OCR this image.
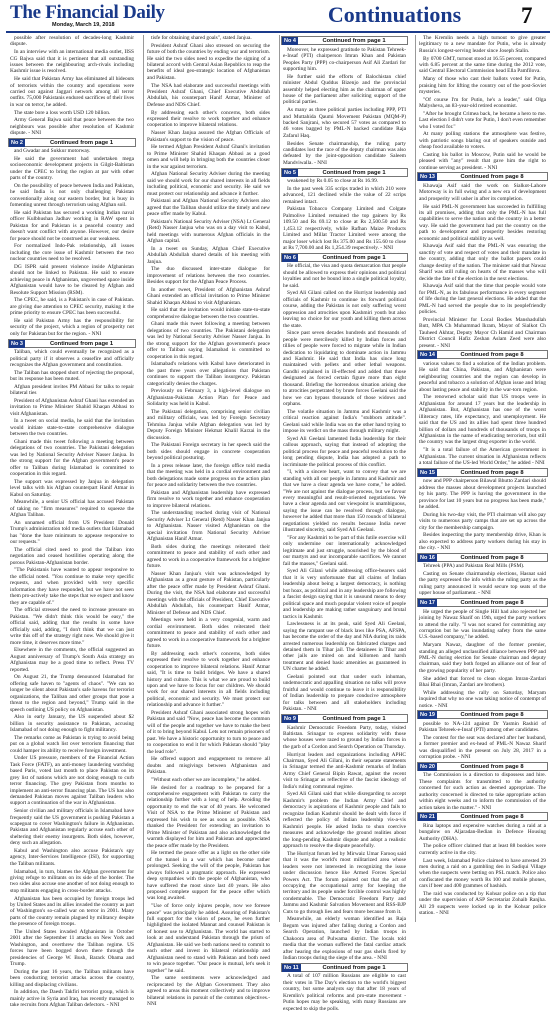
The Financial Daily
Monday, March 19, 2018	Continuations	7

possible after resolution of decades-long Kashmir dispute.

In an interview with an international media outlet, IISS CG Bajwa said that it is pertinent that all outstanding issues between the neighbouring arch-rivals including Kashmir issue is resolved.

He said that Pakistan Army has eliminated all hideouts of terrorists within the country and operations were carried out against Jaggari network among all terror outfits. 75,000 Pakistanis endured sacrifices of their lives in war on terror, he added.

The state bore a loss worth USD 120 billion.

Army General Bajwa said that peace between the two neighbours was possible after resolution of Kashmir dispute. - NNI

No 2	Continued from page 1

and Gwadar and Sukkur motorway.

He said the government had undertaken mega socioeconomic development projects in Gilgit-Baltistan under the CPEC to bring the region at par with other parts of the country.

On the possibility of peace between India and Pakistan, he said India is not only challenging Pakistan conventionally along our eastern border, but is busy in fomenting unrest through terrorism using Afghan soil.

He said Pakistan has secured a working Indian naval officer Kulbhushan Jadhav working in RAW spent in Pakistan for and Pakistan is a peaceful country and doesn't want conflict with anyone. However, our desire for peace should not be construed as our weakness.

For normalized Indo-Pak relationship, all issues including the core issue of Kashmir between the two nuclear countries need to be resolved.

DG ISPR said present violence inside Afghanistan should not be linked to Pakistan. He said to ensure achieving peace in Afghanistan, ungoverned space inside Afghanistan would have to be cleared by Afghan and Resolute Support Mission (RSM).

The CPEC, he said, is a Pakistan's in case of Pakistan. are giving due attention to CPEC security, making it the prime priority to ensure CPEC has been successful.

He said Pakistan Army has the responsibility for security of the project, which a region of prosperity not only for Pakistan but for the region. - NNI

No 3	Continued from page 1

Taliban, which could eventually be recognized as a political party if it observes a ceasefire and officially recognizes the Afghan government and constitution.

The Taliban has stopped short of rejecting the proposal, but its response has been muted.

Afghan president invites PM Abbasi for talks to repair bilateral ties

President of Afghanistan Ashraf Ghani has extended an invitation to Prime Minister Shahid Khaqan Abbasi to visit Afghanistan.

In a tweet on social media, he said that the invitation would initiate state-to-state comprehensive dialogue between the two countries.

Ghani made this tweet following a meeting between delegations of two countries. The Pakistani delegation was led by National Security Adviser Nasser Janjua. In the strong support for the Afghan government's peace offer to Taliban during Islamabad is committed to cooperation in this regard.

The support was expressed by Janjua in delegation level talks with his Afghan counterpart Hanif Atmar in Kabul on Saturday.

Meanwhile, a senior US official has accused Pakistan of taking no "firm measures" required to squeeze the Afghan Taliban.

An unnamed official from US President Donald Trump's administration told media outlets that Islamabad has "done the bare minimum to appease responsive to our requests."

The official cited need to prod the Taliban into negotiation and ceased hostilities operating along the porous Pakistan-Afghanistan border.

"The Pakistanis have wanted to appear responsive to the official noted. "You continue to make very specific requests, and when provided with very specific information they have responded, but we have not seen them pro-actively take the steps that we expect and know they are capable of."

The official stressed the need to increase pressure on Pakistan. "We didn't think this would be easy," the official said, adding that the results in some have officially said, adding, "I don't think that we can just write this off of the strategy right now. We should give it more time, it deserves more time."

Elsewhere in the comments, the official suggested an August anniversary of Trump's South Asia strategy on Afghanistan may be a good time to reflect. Press TV reported.

On August 21, the Trump denounced Islamabad for offering safe haven to "agents of chaos". "We can no longer be silent about Pakistan's safe havens for terrorist organizations, the Taliban and other groups that pose a threat to the region and beyond," Trump said in the speech outlining US policy on Afghanistan.

Also in early January, the US suspended about $2 billion in security assistance to Pakistan, accusing Islamabad of not doing enough to fight militancy.

The remarks come as Pakistan is trying to avoid being put on a global watch list over terrorism financing that could hamper its ability to receive foreign investment.

Under US pressure, members of the Financial Action Task Force (FATF), an anti-money laundering watchdog based Paris, voted last month to place Pakistan on its grey list of nations which are not doing enough to curb terror financing. The grey Pakistan from months to implement an anti-terror financing plan. The US has also demanded Pakistan moves against Taliban leaders who support a continuation of the war in Afghanistan.

Senior civilian and military officials in Islamabad have frequently said the US government is pushing Pakistan a scapegoat to cover Washington's failure in Afghanistan. Pakistan and Afghanistan regularly accuse each other of sheltering their enemy insurgents. Both sides, however, deny such an allegation.

Kabul and Washington also accuse Pakistan's spy agency, Inter-Services Intelligence (ISI), for supporting the Taliban militants.

Islamabad, in turn, blames the Afghan government for giving refuge to militants on its side of the border. The two sides also accuse one another of not doing enough to stop militants engaging in cross-border attacks.

Afghanistan has been occupied by foreign troops led by United States and its allies invaded the country as part of Washington's so-called war on terror in 2001. Many parts of the country remain plagued by militancy despite the presence of foreign troops.

The United States invaded Afghanistan in October 2001 after the September 11 attacks on New York and Washington, and overthrew the Taliban regime. US forces have been bogged down there through the presidencies of George W. Bush, Barack Obama and Trump.

During the past 16 years, the Taliban militants have been conducting terrorist attacks across the country, killing and displacing civilians.

In addition, the Daesh Takfiri terrorist group, which is mainly active in Syria and Iraq, has recently managed to take recruits from Afghan Taliban defectors. - NNI

tisfe for obtaining shared goals", stated Janjua.

President Ashraf Ghani also stressed on securing the future of both the countries by ending war and terrorism. He said the two sides need to expedite the signing of a bilateral accord with Central Asian Republics to reap the benefits of ideal geo-strategic location of Afghanistan and Pakistan.

The NSA had elaborate and successful meetings with President Ashraf Ghani, Chief Executive Abdullah Abdullah, his counterpart Hanif Atmar, Minister of Defense and NDS Chief.

By addressing each other's concerns, both sides expressed their resolve to work together and enhance cooperation to improve bilateral relations.

Nasser Khan Janjua assured the Afghan Officials of Pakistan's support to the vision of peace.

He termed Afghan President Ashraf Ghani's invitation to Prime Minister Shahid Khaqan Abbasi as a good omen and will help in bringing both the countries closer in the war against terrorism.

Afghan National Security Adviser during the meeting said we should work for our shared interests in all fields including political, economic and security. He said we must protect our relationship and advance it further.

Pakistani and Afghan National Security Advisers also agreed that the Taliban should utilize the timely and new peace offer made by Kabul.

Pakistan's National Security Adviser (NSA) Lt General (Retd) Nasser Janjua who was on a day visit to Kabul, held meetings with numerous Afghan officials in the Afghan capital.

In a tweet on Sunday, Afghan Chief Executive Abdullah Abdullah shared details of his meeting with Janjua.

The duo discussed inter-state dialogue for improvement of relations between the two countries. Besides support for the Afghan Peace Process.

In another tweet, President of Afghanistan Ashraf Ghani extended an official invitation to Prime Minister Shahid Khaqan Abbasi to visit Afghanistan.

He said that the invitation would initiate state-to-state comprehensive dialogue between the two countries.

Ghani made this tweet following a meeting between delegations of two countries. The Pakistani delegation was led by National Security Adviser Nasser Janjua. In the strong support for the Afghan government's peace offer to Taliban saying Islamabad is committed to cooperation in this regard.

Islamabad's relations with Kabul have deteriorated in the past three years over allegations that Pakistan continues to support the Taliban insurgency. Pakistan categorically denies the charges.

Previously on February 3, a high-level dialogue on Afghanistan-Pakistan Action Plan for Peace and Solidarity was held in Kabul.

The Pakistani delegation, comprising senior civilian and military officials, was led by Foreign Secretary Tehmina Janjua while Afghan delegation was led by Deputy Foreign Minister Hekmat Khalil Karzai in the discussion.

The Pakistani Foreign secretary in her speech said the both sides should engage in concrete cooperation beyond political posturing.

In a press release later, the foreign office told media that the meeting was held in a cordial environment and both delegations made some progress on the action plan for peace and solidarity between the two countries.

Pakistan and Afghanistan leadership have expressed firm resolve to work together and enhance cooperation to improve bilateral relations.

The understanding reached during visit of National Security Adviser Lt General (Retd) Nasser Khan Janjua to Afghanistan. Nasser visited Afghanistan on the special invitation from National Security Adviser Afghanistan Hanif Atmar.

Both sides during the meetings reiterated their commitment to peace and stability of each other and agreed to work in a cooperative framework for a brighter future.

Nasser Khan Janjua's visit was acknowledged by Afghanistan as a great gesture of Pakistan, particularly after the peace offer made by President Ashraf Ghani. During the visit, the NSA had elaborate and successful meetings with the officials of President, Chief Executive Abdullah Abdullah, his counterpart Hanif Atmar, Minister of Defense and NDS Chief.

Meetings were held in a very congenial, warm and cordial environment. Both sides reiterated their commitment to peace and stability of each other and agreed to work in a cooperative framework for a brighter future.

By addressing each other's concerns, both sides expressed their resolve to work together and enhance cooperation to improve bilateral relations. Hanif Atmar said, "It is time to build bridges. We have a shared history and culture. This is what we are proud to build upon and we have to focus for our children. We should work for our shared interests in all fields including political, economic and security. We must protect our relationship and advance it further."

President Ashraf Ghani associated strong hopes with Pakistan and said "Now, peace has become the common will of the people and together we have to make the best of it to bring beyond Kabul. Lets not remain prisoners of past. We have a historic opportunity to turn to peace and to cooperation to end it for which Pakistan should "play the lead role".

He offered support and engagement to remove all doubts and misgivings between Afghanistan and Pakistan.

"Without each other we are incomplete," he added.

He desired for a roadmap to be prepared for a comprehensive engagement with Pakistan to carry the relationship further with a long of help. Avoiding the opportunity to end the war of 40 years. He welcomed Visit of NSA to the Prime Minister of Pakistan and expressed his wish to see as soon as possible. NSA thanked the President for extending an invitation to Prime Minister of Pakistan and also acknowledged the warmth displayed for him and Pakistan and appreciated the peace offer made by the President.

He termed the peace offer as a light on the other side of the tunnel in a war which has become rather prolonged. Seeking the will of the people, Pakistan has always followed a pragmatic approach. He expressed deep sympathies with the people of Afghanistan, who have suffered the most since last 40 years. He also proposed complete support for the peace offer which was long awaited.

"Use of force only injures people, now we foresee peace" was principally he added. Assuring of Pakistan's full support for the vision of peace, he even further highlighted the isolated Mannat and counsel Pakistan is of honest use to Afghanistan. The world has started to look at and understand Pakistan through the prism of Afghanistan. He said we both nations need to commit to each other and invest in bilateral relationship and Afghanistan need to stand with Pakistan and both need to win peace together. "Our peace is mutual, let's seek it together" he said.

The same sentiments were acknowledged and reciprocated by the Afghan Government. They also agreed to areas this moment collectively and to improve bilateral relations in pursuit of the common objectives.- NNI

No 4	Continued from page 1

Moreover, he expressed gratitude to Pakistan Tehreek-e-Insaf (PTI) chairperson Imran Khan and Pakistan Peoples Party (PPP) co-chairperson Asif Ali Zardari for supporting him.

He further said the efforts of Balochistan chief minister Abdul Quddus Bizenjo and the provincial assembly helped electing him as the chairman of upper house of the parliament after soliciting support of the political parties.

As many as three political parties including PPP, PTI and Muttahida Qaumi Movement Pakistan (MQM-P) backed Sanjrani, who secured 57 votes as compared to 46 votes bagged by PML-N backed candidate Raja Zafarul Haq.

Besides Senate chairmanship, the ruling party candidates lost the race of the deputy chairman was also defeated by the joint-opposition candidate Saleem Mandviwalla. - NNI

No 5	Continued from page 1

weakened by Rs 0.05 to close at Rs 16.99.

In the past week 335 scrips traded in which 210 were advanced, 121 declined while the value of 22 scrips remained intact.

Pakistan Tobacco Company Limited and Colgate Palmolive Limited remained the top gainers by Rs 109.50 and Rs 69.12 to close at Rs 2,500.50 and Rs 1,453.12 respectively, while Rafhan Maize Products Limited and Millat Tractor Limited were among the major loser which lost Rs 375.00 and Rs 155.60 to close at Rs 7,700.00 and Rs 1,254.39 respectively. - NNI

No 6	Continued from page 1

He official, the visa and quota demarcation that people should be allowed to express their opinions and political loyalties and not be bound into a single political loyalty, he said.

Syed Ali Gilani called on the Hurriyat leadership and officials of Kashmir to continue its forward political course, adding the Pakistan is not only suffering worst oppression and atrocities upon Kashmiri youth but also leaving no choice for our youth and killing them across the state.

Since past seven decades hundreds and thousands of people were mercilessly killed by Indian forces and tillies of people were forced to migrate while in Indian dedication to liquidating to dominate action in Jammu and Kashmir. He said that India has since long maintained with pellets and other lethal weapons. Gandhi explained in ill-effected and added that those designated as forced certain figure more than eight thousand. Briefing the horrendous situation arising due to atrocities perpetrated by brute forces Geelani said the how we can bypass thousands of those widows and orphans.

The volatile situation in Jammu and Kashmir was a critical reaction against India's "stubborn attitude". Geelani said while India was on the other hand trying to impose its verdict on the mass through military might.

Syed Ali Geelani lamented India leadership for their callous approach, saying that instead of adopting the political process for peace and peaceful resolution to the long pending dispute, India has adopted a path to incriminate the political process of this conflict.

"I, with a sincere heart, want to convey that we are standing with all our people in Jammu and Kashmir and that we have a clear agenda we have come," he added. "We are not against the dialogue process, but we favour every meaningful and result-oriented negotiations. We have a clear agenda and our viewpoint is unambiguous, saying the issue can be resolved through dialogue, however he added that more than 150 rounds of bilateral negotiations yielded no results because India never illustrated sincerity, said Syed Ali Geelani.

"For any Kashmiri to be part of this futile exercise will only undermine our internationally acknowledged legitimate and just struggle, nourished by the blood of our martyrs and our incomparable sacrifices. We cannot fail the masses," Geelani said.

Syed Ali Gilani while addressing office-bearers said that it is very unfortunate that all claims of Indian leadership about being a largest democracy, is nothing but hoax, as political and in any leadership are following a fascist design saying that it is unsound means to deny political space and much popular violent voice of people and leadership are making rather sanguinary and brutal tactics in Kashmir.

Lawlessness is at its peak, said Syed Ali Geelani, saying the rampant use of black laws like PSA, AFSPA, has become the order of the day and NIA during its raids arrested numerous leadership on fabricated charges and detained them in Tihar jail. The detainees in Tihar and other jails are mired on and killomen and harsh treatment and denied basic amenities as guaranteed in UN charter he added.

Geelani pointed out that under such inhuman, undemocratic and appalling situation no talks will prove fruitful and would continue to leave it is responsibility of Indian leadership to prepare conducive atmosphere for talks between and all stakeholders including Pakistan. - NNI

No 9	Continued from page 1

Kashmir Democratic Freedom Party, today, visited Baltistan. Srinagar to express solidarity with those whose houses were razed to ground by Indian forces in the garb of a Cordon and Search Operation on Thursday.

Hurriyat leaders and organizations including APHC Chairman, Syed Ali Gilani, in their separate statements in Srinagar termed the anti-Kashmir remarks of Indian Army Chief General Bipin Rawat, against the recent visit to Srinagar as reflective of the fascist ideology of India's ruling communal regime.

Syed Ali Gilani said that while disregarding to accept Kashmir's problem the Indian Army Chief and democracy is aspirations of Kashmir people and fails to recognize Indian Kashmir should be dealt with force if reflected the policy of Indian leadership vis-a-vis Kashmiri people. He asked India to shun coercive measures and acknowledge the ground realities about the long-pending Kashmir dispute and adopt a realistic approach to resolve the dispute peacefully.

The Hurriyat forum led by Mirwaiz Umar Farooq said that it was the world's most militarized area whose leaders were not interested in recognizing the issue under discussion hence like Armed Forces Special Powers Act. The forum pointed out that the act of occupying the occupational army for keeping the territory and its people under forcible control was highly condemnable. The Democratic Freedom Party and Jammu and Kashmir Salvation Movement and RSS-BJP Cuts to go through lies and fears more because from it.

Meanwhile, an elderly woman identified as Raja Begum was injured after falling during a Cordon and Search Operation, launched by Indian troops in Chakoora area of Pulwama district. The locals told media that the woman suffered the fatal cardiac attack after hearing the explosions of tear gas shells fired by Indian troops during the siege of the area. - NNI

No 11	Continued from page 1

A total of 107 million Russians are eligible to cast their votes in The Day's election to the world's biggest country, but some analysts say that after 18 years of Kremlin's political reforms and pro-state movement - Putin hopes may be speaking, with many Russians are expected to skip the polls.

The Kremlin needs a high turnout to give greater legitimacy to a new mandate for Putin, who is already Russia's longest-serving leader since Joseph Stalin.

By 0700 GMT, turnout stood at 16.55 percent, compared with 6.85 percent at the same time during the 2012 vote, said Central Electoral Commission head Ella Pamfilova.

Many of those who cast their ballots voted for Putin, praising him for lifting the country out of the post-Soviet mysteries.

"Of course I'm for Putin, he's a leader," said Olga Malysheva, an 83-year-old retired economist.

"After he brought Crimea back, he became a hero to me. Last election I didn't vote for Putin, I don't even remember who I voted for."

At many polling stations the atmosphere was festive, with patriotic songs blaring out of speakers outside and cheap food available to voters.

Casting his ballot in Moscow, Putin said he would be pleased with "any" result that gave him the right to continue serving as president. - NNI

No 13	Continued from page 8

Khawaja Asif said the work on Sialkot-Lahore Motorway is in full swing and a new era of development and prosperity will usher in after its completion.

He said PML-N government has succeeded in fulfilling its all promises, adding that only the PML-N has full capabilities to serve the nation and the country in a better way. He said the government had put the country on the path to development and prosperity besides restoring economic and political stability as well.

Khawaja Asif said that the PML-N was ensuring the sanctity of vote and respect of votes and their mandate in the country, adding that only the ballot papers could change destiny of the nation. The minister said that Nawaz Sharif was still ruling on hearts of the masses who will decide the fate of the election in the next elections.

Khawaja Asif said that the time that people would vote for PML-N, as its fabulous performance in every segment of life during the last general elections. He added that the PML-N had served the people due to its peoplefriendly policies.

Provincial Minister for Local Bodies Manshadullah Butt, MPA Ch Muhammad Ikram, Mayor of Sialkot Ch Tauheed Akhtar, Deputy Mayor Ch Hamid and Chairman District Council Hafiz Zeshan Aslam Zeed were also present. - NNI

No 14	Continued from page 8

various values to find a solution of the Indian problem. He said that China, Pakistan, and Afghanistan were neighbouring countries and the region can develop in peaceful and tobacco a solution of Afghan issue and bring about lasting peace and stability in the war-torn region.

The renowned scholar said that US troops were in Afghanistan for around 17 years but the leadership in Afghanistan. But, Afghanistan has one of the worst illiteracy rates, life expectancy, and unemployment. He said that the US and its allies had spent three hundred billion of dollars and hundreds of thousands of troops in Afghanistan in the name of eradicating terrorism, but still the country was the largest drug exporter in the world.

"It is a total failure of the American government in Afghanistan. The current situation in Afghanistan reflects a total failure of the US-led World Order," he added - NNI

No 15	Continued from page 8

now and PPP chairperson Bilawal Bhutto Zardari should address the masses about development projects launched by his party. The PPP is having the government in the province for last 10 years but no progress has been made," he added.

During his two-day visit, the PTI chairman will also pay visits to numerous party camps that are set up across the city for the membership campaign.

Besides inspecting the party membership drive, Khan is also expected to address party workers during his stay in the city. - NNI

No 16	Continued from page 8

Tehreek (PPA) and Pakistan Real Mills (PSM).

Casting on Senate chairmanship elections, Hasnat said the party expressed the info within the ruling party as the ruling party announced it would secure top seats of the upper house of parliament. - NNI

No 17	Continued from page 8

He urged the people of Single Hill had also rejected her joining by Nawaz Sharif on 19th, urged the party workers to attend the rally. "I was not scared for committing any corruption but he was inundating safety from the same U.S.-based company," he added.

Maryam Nawaz, daughter of the former premier, standing an alleged unclassified alliance between PPP and PML-N during election for Senate chairman and deputy chairman, said they both forged an alliance out of fear of the growing popularity of her party.

She added that forced to clean slogan Imran-Zardari Bhai Bhai (Imran, Zardari are brothers).

While addressing the rally on Saturday, Maryam inquired that why no one was taking notice of contempt of notice. - NNI

No 19	Continued from page 8

possible to NA-124 against Dr Yasmin Rashid of Pakistan Tehreek-e-Insaf (PTI) among other candidates.

The contest for the seat was declared after her husband, a former premier and ex-head of PML-N Nawaz Sharif was disqualified in the present on July 28, 2017 in a corruption probe. - NNI

No 20	Continued from page 8

The Commission is a direction to dispossess and hire. These complaints for transmitted to the authority concerned for such action as deemed appropriate. The authority concerned is directed to take appropriate action within eight weeks and to inform the commission of the action taken in the matter." - NNI

No 21	Continued from page 8

Rina laptops and expensive watches during a raid at a bungalow on Aljaradan-Bedian in Defence Housing Authority (DHA).

The police officer claimed that at least 88 bookies were currently active in the city.

Last week, Islamabad Police claimed to have arrested 29 men during a raid on a gambling den in Sadiqui Village when the suspects were betting on PSL match. Police also confiscated the money worth Rs 100 and mobile phones, cars if beer and 400 grammes of hashish.

The raid was conducted by Kohsar police on a tip that under the supervision of ASP Secretariat Zohaib Ranjha. All 29 suspects were locked up in the Kohsar police station. - NNI
